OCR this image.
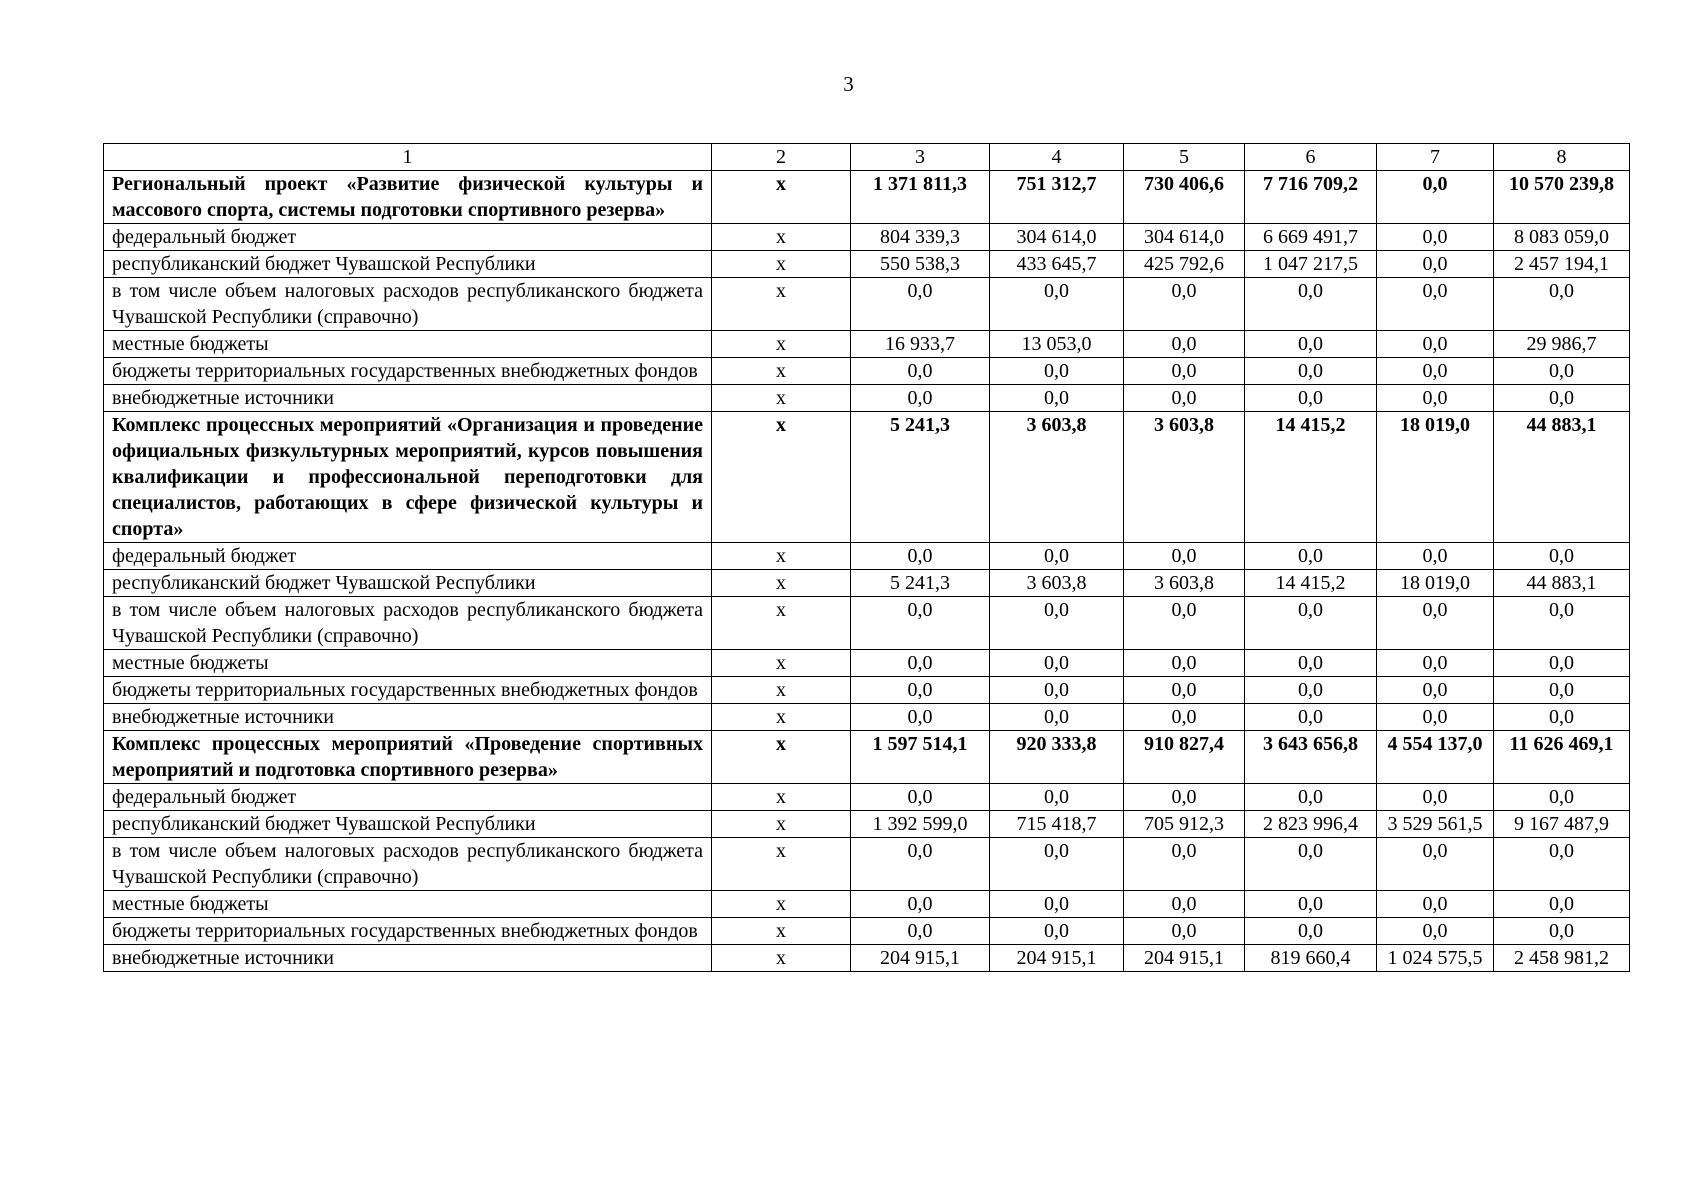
3
1	2	3	4	5	6	7	8
Региональный проект «Развитие физической культуры и массового спорта, системы подготовки спортивного резерва»	х	1 371 811,3	751 312,7	730 406,6	7 716 709,2	0,0	10 570 239,8
федеральный бюджет	х	804 339,3	304 614,0	304 614,0	6 669 491,7	0,0	8 083 059,0
республиканский бюджет Чувашской Республики	х	550 538,3	433 645,7	425 792,6	1 047 217,5	0,0	2 457 194,1
в том числе объем налоговых расходов республиканского бюджета Чувашской Республики (справочно)	х	0,0	0,0	0,0	0,0	0,0	0,0
местные бюджеты	х	16 933,7	13 053,0	0,0	0,0	0,0	29 986,7
бюджеты территориальных государственных внебюджетных фондов	х	0,0	0,0	0,0	0,0	0,0	0,0
внебюджетные источники	х	0,0	0,0	0,0	0,0	0,0	0,0
Комплекс процессных мероприятий «Организация и проведение официальных физкультурных мероприятий, курсов повышения квалификации и профессиональной переподготовки для специалистов, работающих в сфере физической культуры и спорта»	х	5 241,3	3 603,8	3 603,8	14 415,2	18 019,0	44 883,1
федеральный бюджет	х	0,0	0,0	0,0	0,0	0,0	0,0
республиканский бюджет Чувашской Республики	х	5 241,3	3 603,8	3 603,8	14 415,2	18 019,0	44 883,1
в том числе объем налоговых расходов республиканского бюджета Чувашской Республики (справочно)	х	0,0	0,0	0,0	0,0	0,0	0,0
местные бюджеты	х	0,0	0,0	0,0	0,0	0,0	0,0
бюджеты территориальных государственных внебюджетных фондов	х	0,0	0,0	0,0	0,0	0,0	0,0
внебюджетные источники	х	0,0	0,0	0,0	0,0	0,0	0,0
Комплекс процессных мероприятий «Проведение спортивных мероприятий и подготовка спортивного резерва»	х	1 597 514,1	920 333,8	910 827,4	3 643 656,8	4 554 137,0	11 626 469,1
федеральный бюджет	х	0,0	0,0	0,0	0,0	0,0	0,0
республиканский бюджет Чувашской Республики	х	1 392 599,0	715 418,7	705 912,3	2 823 996,4	3 529 561,5	9 167 487,9
в том числе объем налоговых расходов республиканского бюджета Чувашской Республики (справочно)	х	0,0	0,0	0,0	0,0	0,0	0,0
местные бюджеты	х	0,0	0,0	0,0	0,0	0,0	0,0
бюджеты территориальных государственных внебюджетных фондов	х	0,0	0,0	0,0	0,0	0,0	0,0
внебюджетные источники	х	204 915,1	204 915,1	204 915,1	819 660,4	1 024 575,5	2 458 981,2
